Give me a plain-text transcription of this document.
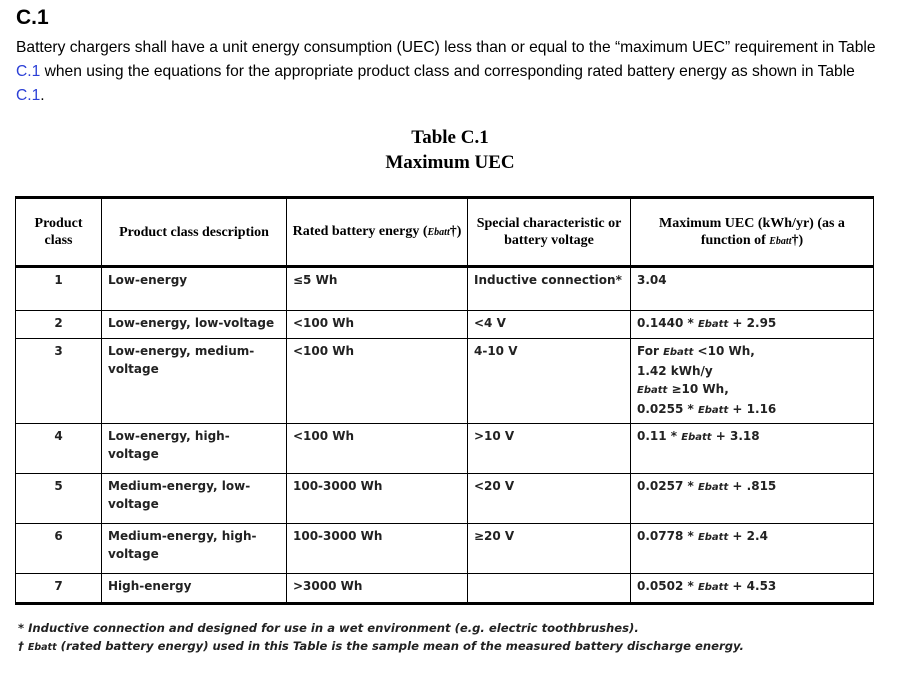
C.1

Battery chargers shall have a unit energy consumption (UEC) less than or equal to the “maximum UEC” requirement in Table C.1 when using the equations for the appropriate product class and corresponding rated battery energy as shown in Table C.1.

Table C.1
Maximum UEC
Product class	Product class description	Rated battery energy (Ebatt†)	Special characteristic or battery voltage	Maximum UEC (kWh/yr) (as a function of Ebatt†)
1	Low-energy	≤5 Wh	Inductive connection*	3.04
2	Low-energy, low-voltage	<100 Wh	<4 V	0.1440 * Ebatt + 2.95
3	Low-energy, medium-voltage	<100 Wh	4-10 V	For Ebatt <10 Wh,
1.42 kWh/y
Ebatt ≥10 Wh,
0.0255 * Ebatt + 1.16

4	Low-energy, high-voltage	<100 Wh	>10 V	0.11 * Ebatt + 3.18
5	Medium-energy, low-voltage	100-3000 Wh	<20 V	0.0257 * Ebatt + .815
6	Medium-energy, high-voltage	100-3000 Wh	≥20 V	0.0778 * Ebatt + 2.4
7	High-energy	>3000 Wh		0.0502 * Ebatt + 4.53

* Inductive connection and designed for use in a wet environment (e.g. electric toothbrushes).

† Ebatt (rated battery energy) used in this Table is the sample mean of the measured battery discharge energy.
